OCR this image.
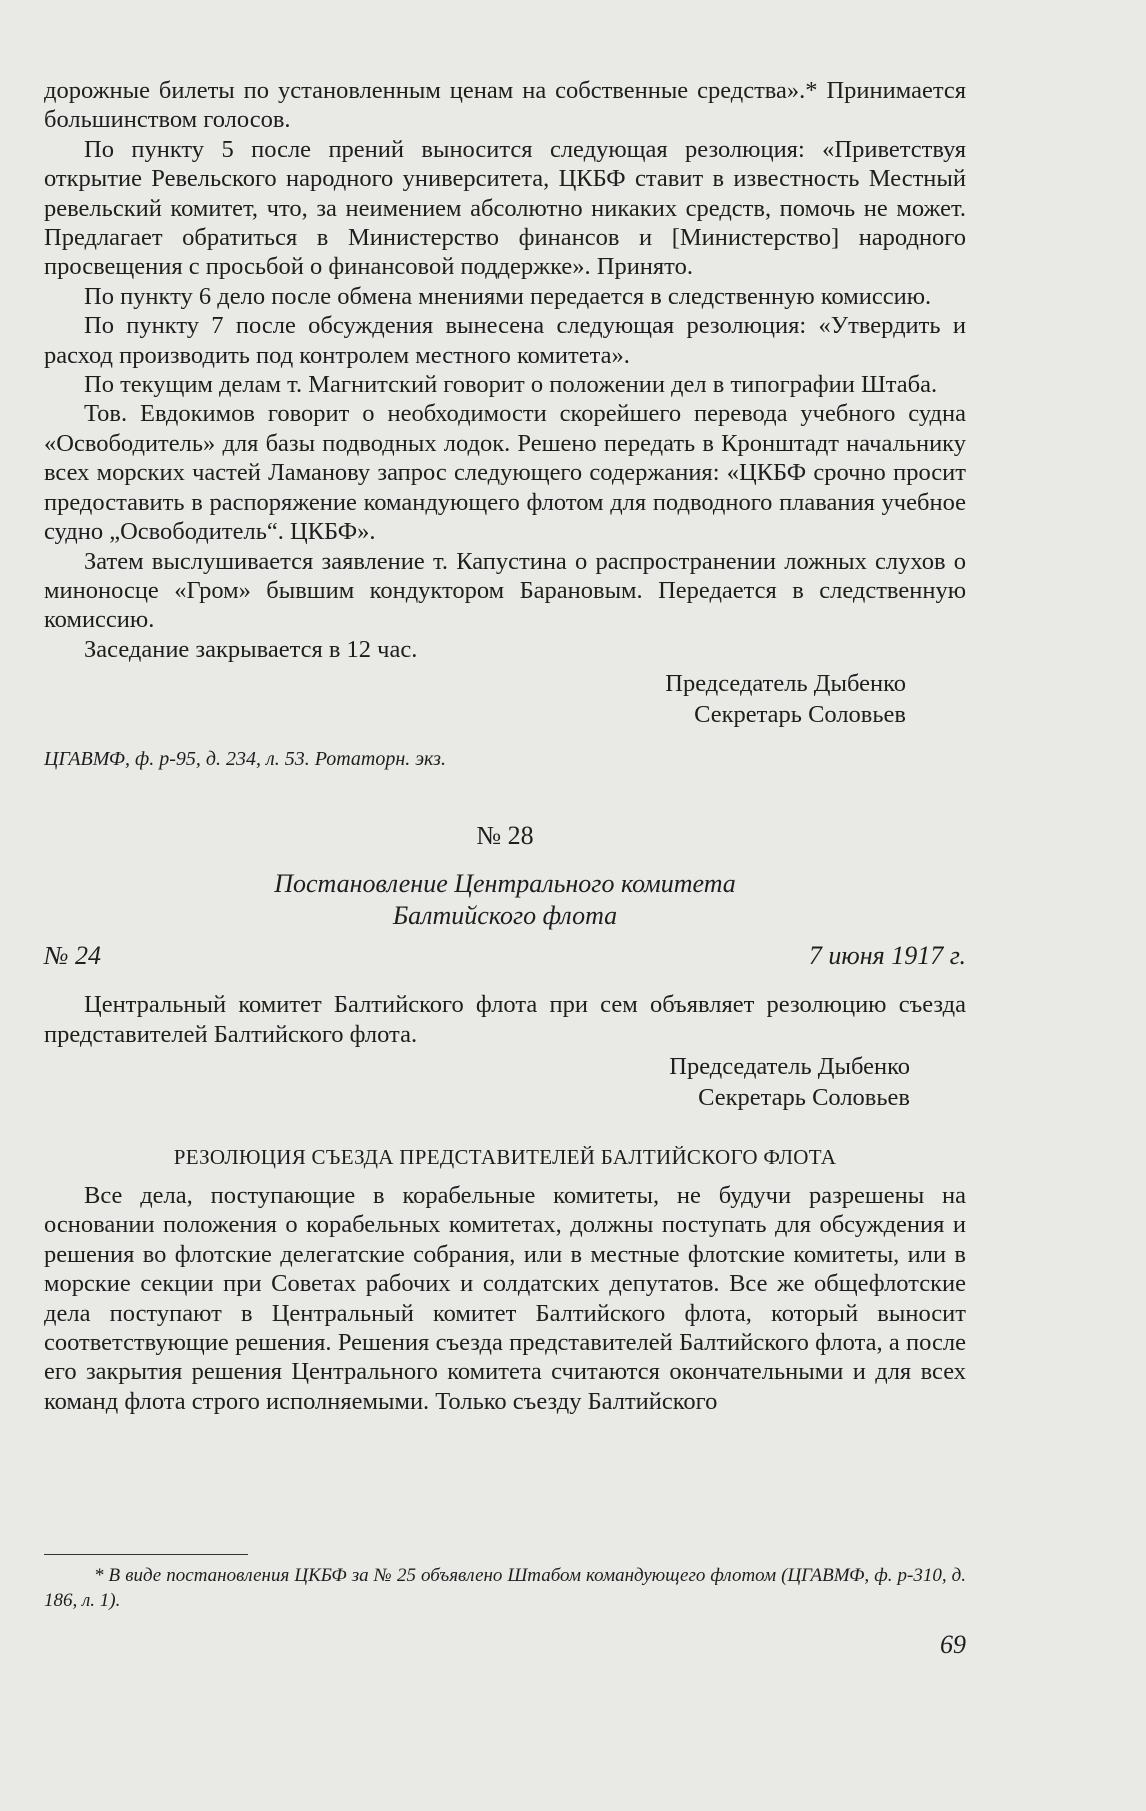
дорожные билеты по установленным ценам на собственные средства».* Принимается большинством голосов.

По пункту 5 после прений выносится следующая резолюция: «Приветствуя открытие Ревельского народного университета, ЦКБФ ставит в известность Местный ревельский комитет, что, за неимением абсолютно никаких средств, помочь не может. Предлагает обратиться в Министерство финансов и [Министерство] народного просвещения с просьбой о финансовой поддержке». Принято.

По пункту 6 дело после обмена мнениями передается в следственную комиссию.

По пункту 7 после обсуждения вынесена следующая резолюция: «Утвердить и расход производить под контролем местного комитета».

По текущим делам т. Магнитский говорит о положении дел в типографии Штаба.

Тов. Евдокимов говорит о необходимости скорейшего перевода учебного судна «Освободитель» для базы подводных лодок. Решено передать в Кронштадт начальнику всех морских частей Ламанову запрос следующего содержания: «ЦКБФ срочно просит предоставить в распоряжение командующего флотом для подводного плавания учебное судно „Освободитель“. ЦКБФ».

Затем выслушивается заявление т. Капустина о распространении ложных слухов о миноносце «Гром» бывшим кондуктором Барановым. Передается в следственную комиссию.

Заседание закрывается в 12 час.

Председатель Дыбенко
Секретарь Соловьев
ЦГАВМФ, ф. р-95, д. 234, л. 53. Ротаторн. экз.
№ 28
Постановление Центрального комитета
Балтийского флота
№ 24	7 июня 1917 г.

Центральный комитет Балтийского флота при сем объявляет резолюцию съезда представителей Балтийского флота.

Председатель Дыбенко
Секретарь Соловьев
РЕЗОЛЮЦИЯ СЪЕЗДА ПРЕДСТАВИТЕЛЕЙ БАЛТИЙСКОГО ФЛОТА

Все дела, поступающие в корабельные комитеты, не будучи разрешены на основании положения о корабельных комитетах, должны поступать для обсуждения и решения во флотские делегатские собрания, или в местные флотские комитеты, или в морские секции при Советах рабочих и солдатских депутатов. Все же общефлотские дела поступают в Центральный комитет Балтийского флота, который выносит соответствующие решения. Решения съезда представителей Балтийского флота, а после его закрытия решения Центрального комитета считаются окончательными и для всех команд флота строго исполняемыми. Только съезду Балтийского

* В виде постановления ЦКБФ за № 25 объявлено Штабом командующего флотом (ЦГАВМФ, ф. р-310, д. 186, л. 1).
69
